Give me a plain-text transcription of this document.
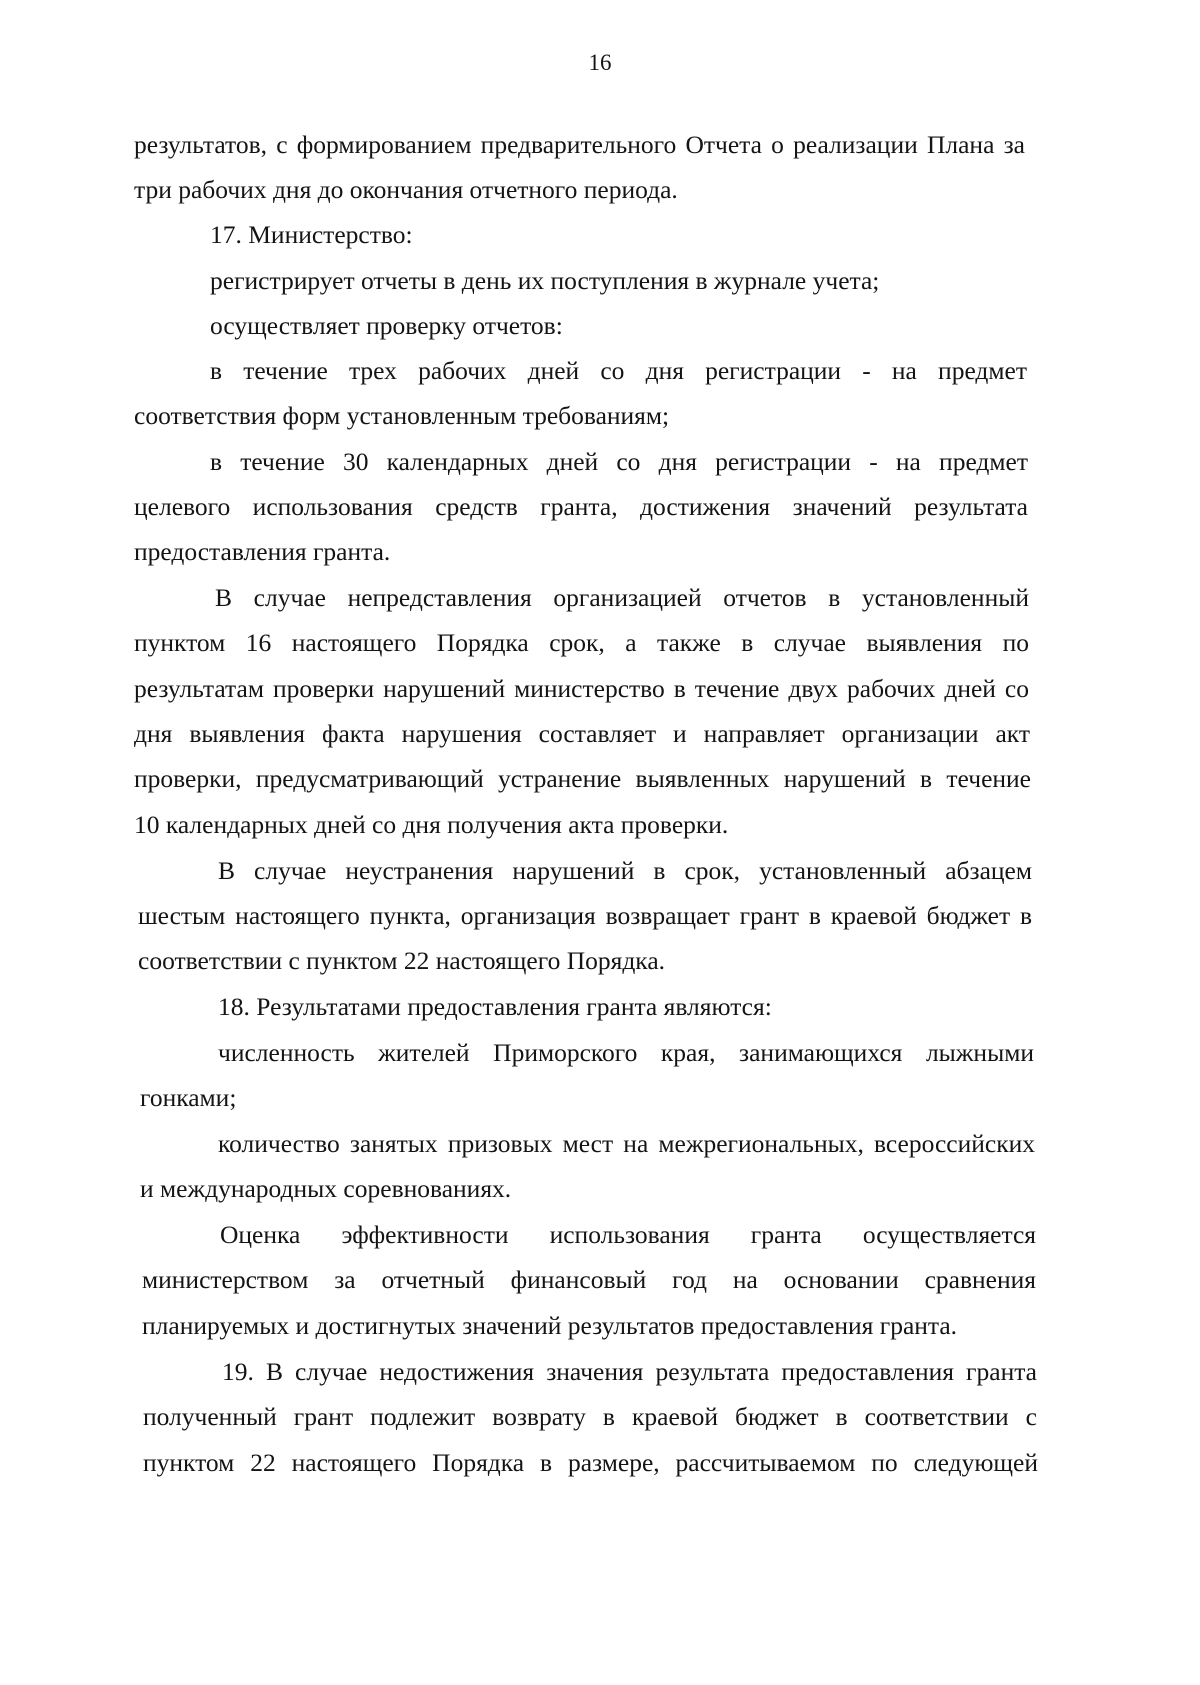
16
результатов, с формированием предварительного Отчета о реализации Плана за
три рабочих дня до окончания отчетного периода.
17. Министерство:
регистрирует отчеты в день их поступления в журнале учета;
осуществляет проверку отчетов:
в течение трех рабочих дней со дня регистрации - на предмет
соответствия форм установленным требованиям;
в течение 30 календарных дней со дня регистрации - на предмет
целевого использования средств гранта, достижения значений результата
предоставления гранта.
В случае непредставления организацией отчетов в установленный
пунктом 16 настоящего Порядка срок, а также в случае выявления по
результатам проверки нарушений министерство в течение двух рабочих дней со
дня выявления факта нарушения составляет и направляет организации акт
проверки, предусматривающий устранение выявленных нарушений в течение
10 календарных дней со дня получения акта проверки.
В случае неустранения нарушений в срок, установленный абзацем
шестым настоящего пункта, организация возвращает грант в краевой бюджет в
соответствии с пунктом 22 настоящего Порядка.
18. Результатами предоставления гранта являются:
численность жителей Приморского края, занимающихся лыжными
гонками;
количество занятых призовых мест на межрегиональных, всероссийских
и международных соревнованиях.
Оценка эффективности использования гранта осуществляется
министерством за отчетный финансовый год на основании сравнения
планируемых и достигнутых значений результатов предоставления гранта.
19. В случае недостижения значения результата предоставления гранта
полученный грант подлежит возврату в краевой бюджет в соответствии с
пунктом 22 настоящего Порядка в размере, рассчитываемом по следующей
